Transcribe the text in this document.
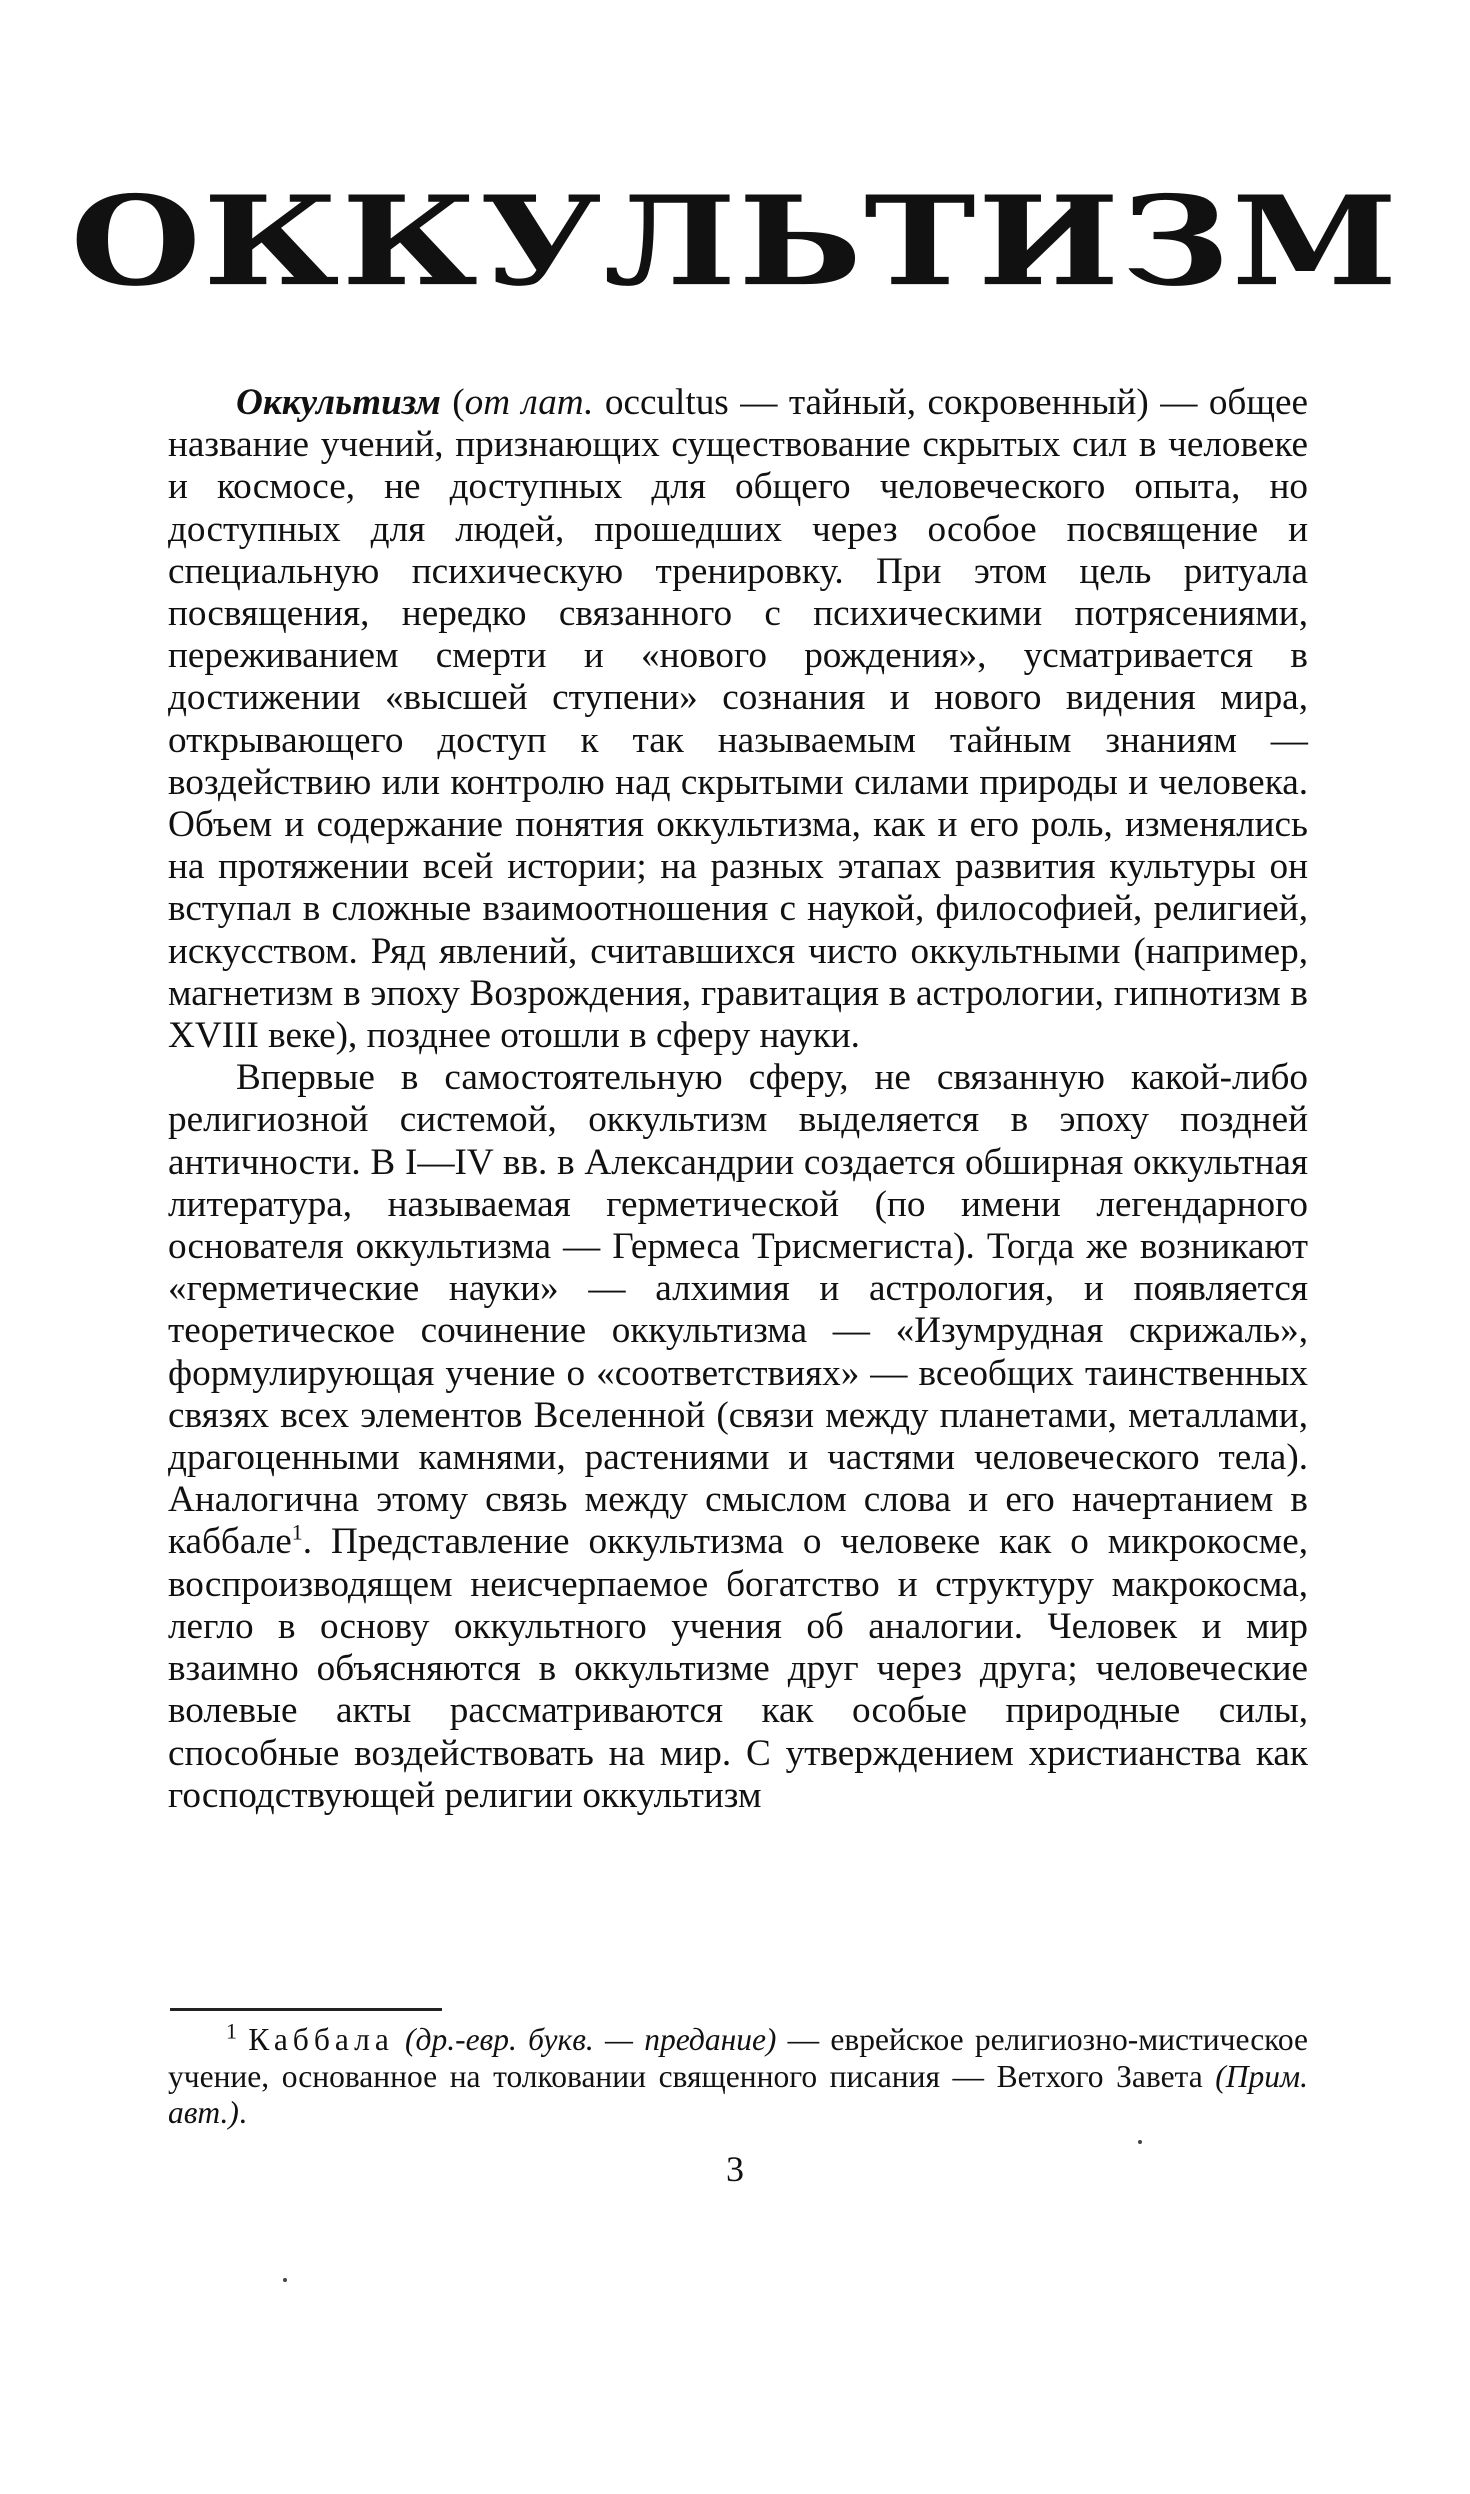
ОККУЛЬТИЗМ

Оккультизм (от лат. occultus — тайный, сокровенный) — общее название учений, признающих существование скрытых сил в человеке и космосе, не доступных для общего человеческого опыта, но доступных для людей, прошедших через особое посвящение и специальную психическую тренировку. При этом цель ритуала посвящения, нередко связанного с психическими потрясениями, переживанием смерти и «нового рождения», усматривается в достижении «высшей ступени» сознания и нового видения мира, открывающего доступ к так называемым тайным знаниям — воздействию или контролю над скрытыми силами природы и человека. Объем и содержание понятия оккультизма, как и его роль, изменялись на протяжении всей истории; на разных этапах развития культуры он вступал в сложные взаимоотношения с наукой, философией, религией, искусством. Ряд явлений, считавшихся чисто оккультными (например, магнетизм в эпоху Возрождения, гравитация в астрологии, гипнотизм в XVIII веке), позднее отошли в сферу науки.

Впервые в самостоятельную сферу, не связанную какой-либо религиозной системой, оккультизм выделяется в эпоху поздней античности. В I—IV вв. в Александрии создается обширная оккультная литература, называемая герметической (по имени легендарного основателя оккультизма — Гермеса Трисмегиста). Тогда же возникают «герметические науки» — алхимия и астрология, и появляется теоретическое сочинение оккультизма — «Изумрудная скрижаль», формулирующая учение о «соответствиях» — всеобщих таинственных связях всех элементов Вселенной (связи между планетами, металлами, драгоценными камнями, растениями и частями человеческого тела). Аналогична этому связь между смыслом слова и его начертанием в каббале$^1$. Представление оккультизма о человеке как о микрокосме, воспроизводящем неисчерпаемое богатство и структуру макрокосма, легло в основу оккультного учения об аналогии. Человек и мир взаимно объясняются в оккультизме друг через друга; человеческие волевые акты рассматриваются как особые природные силы, способные воздействовать на мир. С утверждением христианства как господствующей религии оккультизм

$^1$ Каббала (др.-евр. букв. — предание) — еврейское религиозно-мистическое учение, основанное на толковании священного писания — Ветхого Завета (Прим. авт.).

3
